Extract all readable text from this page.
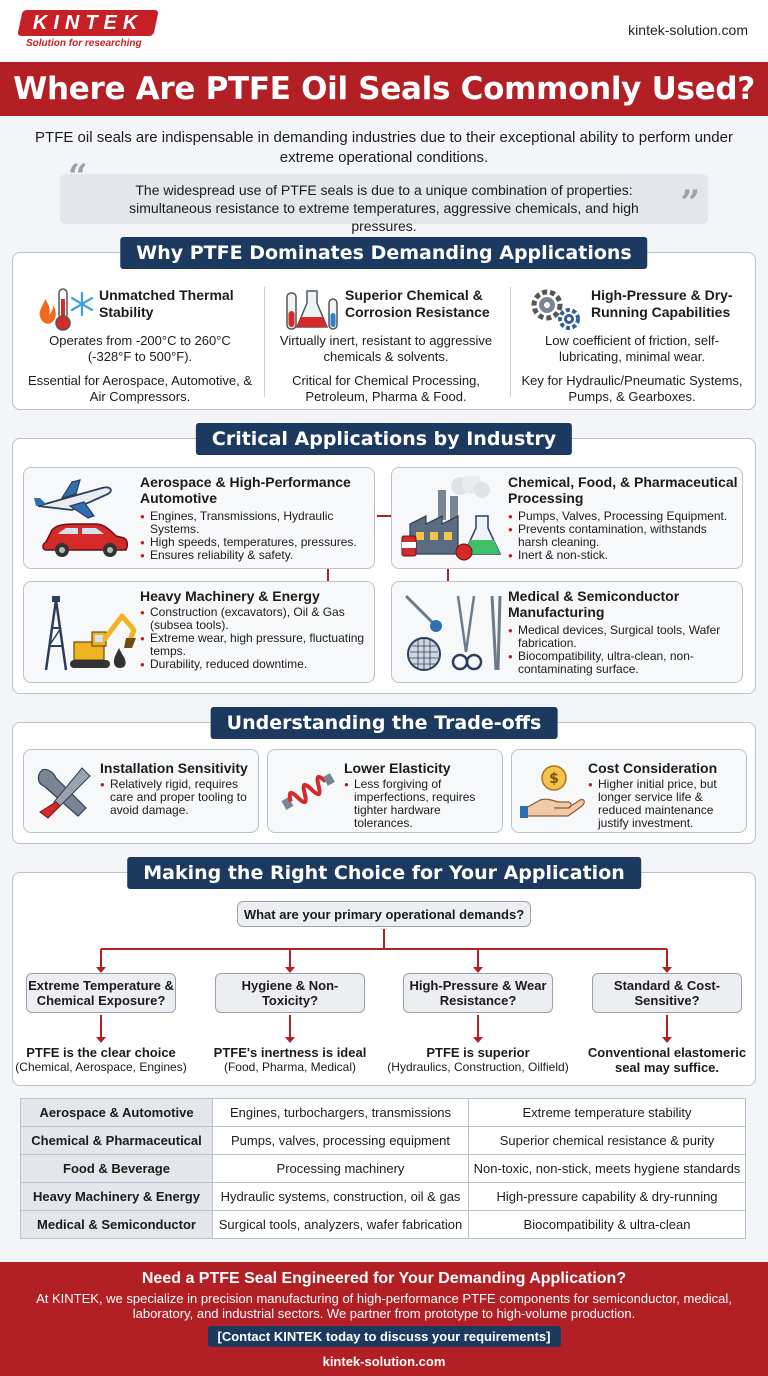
KINTEK
Solution for researching
kintek-solution.com
Where Are PTFE Oil Seals Commonly Used?
PTFE oil seals are indispensable in demanding industries due to their exceptional ability to perform under extreme operational conditions.
“	The widespread use of PTFE seals is due to a unique combination of properties: simultaneous resistance to extreme temperatures, aggressive chemicals, and high pressures.
”
Why PTFE Dominates Demanding Applications
Unmatched Thermal Stability
Operates from -200°C to 260°C (-328°F to 500°F).
Essential for Aerospace, Automotive, & Air Compressors.
Superior Chemical & Corrosion Resistance
Virtually inert, resistant to aggressive chemicals & solvents.
Critical for Chemical Processing, Petroleum, Pharma & Food.
High-Pressure & Dry-Running Capabilities
Low coefficient of friction, self-lubricating, minimal wear.
Key for Hydraulic/Pneumatic Systems, Pumps, & Gearboxes.
Critical Applications by Industry
Aerospace & High-Performance Automotive
● Engines, Transmissions, Hydraulic Systems.
● High speeds, temperatures, pressures.
● Ensures reliability & safety.
Chemical, Food, & Pharmaceutical Processing
● Pumps, Valves, Processing Equipment.
● Prevents contamination, withstands harsh cleaning.
● Inert & non-stick.
Heavy Machinery & Energy
● Construction (excavators), Oil & Gas (subsea tools).
● Extreme wear, high pressure, fluctuating temps.
● Durability, reduced downtime.
Medical & Semiconductor Manufacturing
● Medical devices, Surgical tools, Wafer fabrication.
● Biocompatibility, ultra-clean, non-contaminating surface.
Understanding the Trade-offs
Installation Sensitivity
● Relatively rigid, requires care and proper tooling to avoid damage.
Lower Elasticity
● Less forgiving of imperfections, requires tighter hardware tolerances.
$
Cost Consideration
● Higher initial price, but longer service life & reduced maintenance justify investment.
Making the Right Choice for Your Application
What are your primary operational demands?
Extreme Temperature & Chemical Exposure?
Hygiene & Non-Toxicity?
High-Pressure & Wear Resistance?
Standard & Cost-Sensitive?
PTFE is the clear choice
(Chemical, Aerospace, Engines)
PTFE's inertness is ideal
(Food, Pharma, Medical)
PTFE is superior
(Hydraulics, Construction, Oilfield)
Conventional elastomeric seal may suffice.
Aerospace & Automotive	Engines, turbochargers, transmissions	Extreme temperature stability
Chemical & Pharmaceutical	Pumps, valves, processing equipment	Superior chemical resistance & purity
Food & Beverage	Processing machinery	Non-toxic, non-stick, meets hygiene standards
Heavy Machinery & Energy	Hydraulic systems, construction, oil & gas	High-pressure capability & dry-running
Medical & Semiconductor	Surgical tools, analyzers, wafer fabrication	Biocompatibility & ultra-clean
Need a PTFE Seal Engineered for Your Demanding Application?
At KINTEK, we specialize in precision manufacturing of high-performance PTFE components for semiconductor, medical, laboratory, and industrial sectors. We partner from prototype to high-volume production.
[Contact KINTEK today to discuss your requirements]
kintek-solution.com
